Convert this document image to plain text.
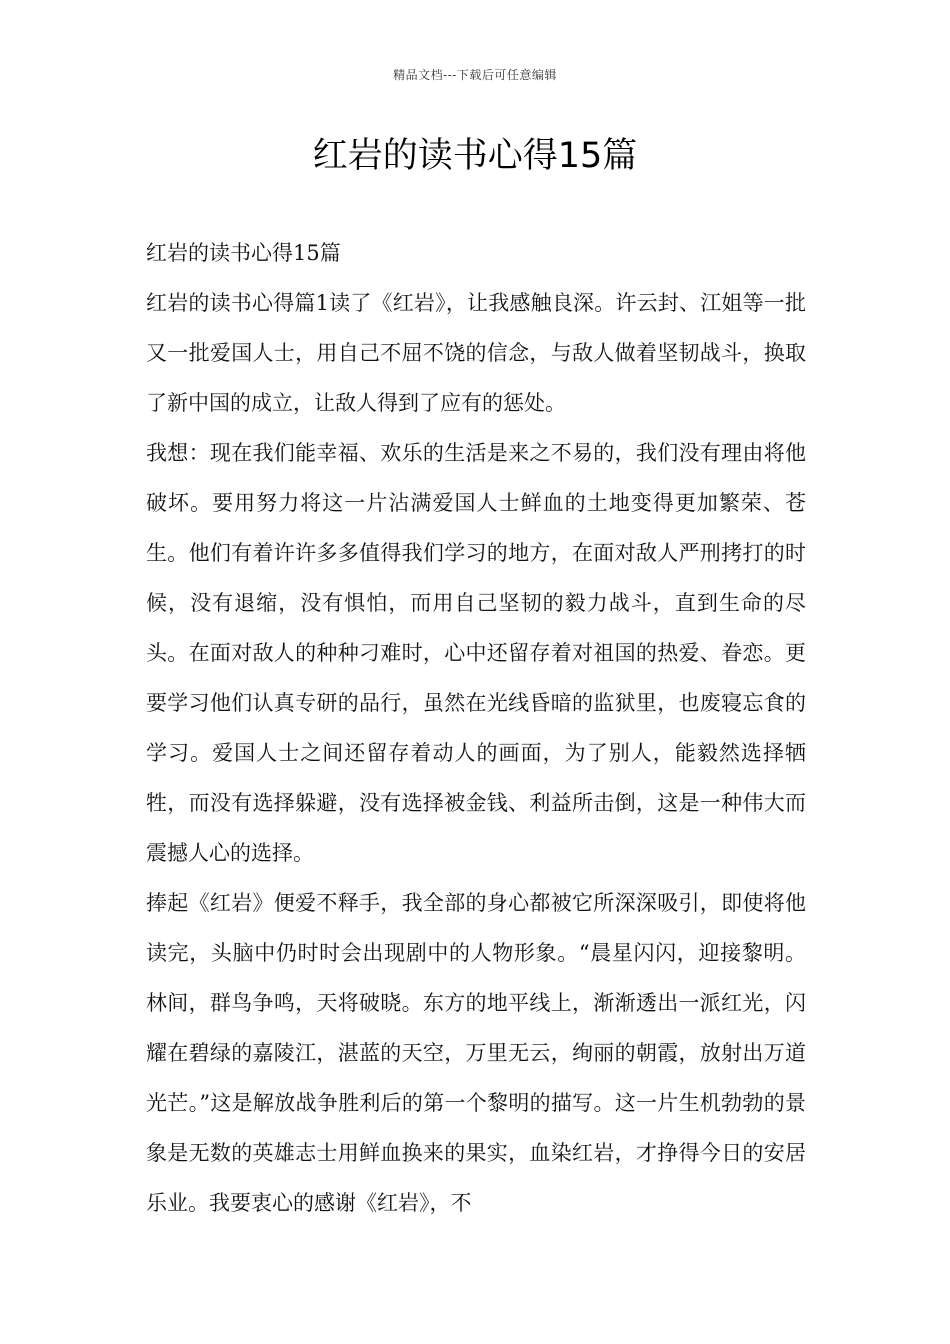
精品文档---下载后可任意编辑
红岩的读书心得15篇

红岩的读书心得15篇

红岩的读书心得篇1读了《红岩》，让我感触良深。许云封、江姐等一批又一批爱国人士，用自己不屈不饶的信念，与敌人做着坚韧战斗，换取了新中国的成立，让敌人得到了应有的惩处。

我想：现在我们能幸福、欢乐的生活是来之不易的，我们没有理由将他破坏。要用努力将这一片沾满爱国人士鲜血的土地变得更加繁荣、苍生。他们有着许许多多值得我们学习的地方，在面对敌人严刑拷打的时候，没有退缩，没有惧怕，而用自己坚韧的毅力战斗，直到生命的尽头。在面对敌人的种种刁难时，心中还留存着对祖国的热爱、眷恋。更要学习他们认真专研的品行，虽然在光线昏暗的监狱里，也废寝忘食的学习。爱国人士之间还留存着动人的画面，为了别人，能毅然选择牺牲，而没有选择躲避，没有选择被金钱、利益所击倒，这是一种伟大而震撼人心的选择。

捧起《红岩》便爱不释手，我全部的身心都被它所深深吸引，即使将他读完，头脑中仍时时会出现剧中的人物形象。“晨星闪闪，迎接黎明。林间，群鸟争鸣，天将破晓。东方的地平线上，渐渐透出一派红光，闪耀在碧绿的嘉陵江，湛蓝的天空，万里无云，绚丽的朝霞，放射出万道光芒。”这是解放战争胜利后的第一个黎明的描写。这一片生机勃勃的景象是无数的英雄志士用鲜血换来的果实，血染红岩，才挣得今日的安居乐业。我要衷心的感谢《红岩》，不
